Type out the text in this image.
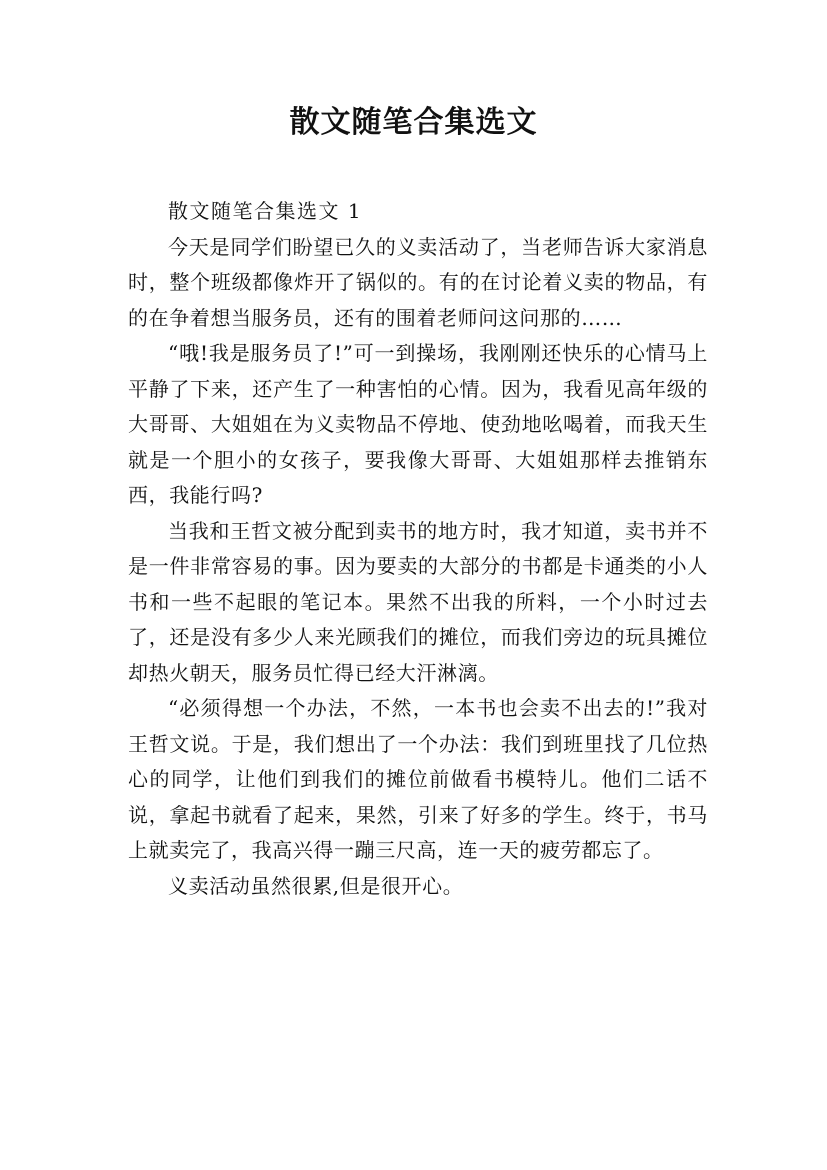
散文随笔合集选文

散文随笔合集选文 1

今天是同学们盼望已久的义卖活动了，当老师告诉大家消息时，整个班级都像炸开了锅似的。有的在讨论着义卖的物品，有的在争着想当服务员，还有的围着老师问这问那的……

“哦!我是服务员了!”可一到操场，我刚刚还快乐的心情马上平静了下来，还产生了一种害怕的心情。因为，我看见高年级的大哥哥、大姐姐在为义卖物品不停地、使劲地吆喝着，而我天生就是一个胆小的女孩子，要我像大哥哥、大姐姐那样去推销东西，我能行吗?

当我和王哲文被分配到卖书的地方时，我才知道，卖书并不是一件非常容易的事。因为要卖的大部分的书都是卡通类的小人书和一些不起眼的笔记本。果然不出我的所料，一个小时过去了，还是没有多少人来光顾我们的摊位，而我们旁边的玩具摊位却热火朝天，服务员忙得已经大汗淋漓。

“必须得想一个办法，不然，一本书也会卖不出去的!”我对王哲文说。于是，我们想出了一个办法：我们到班里找了几位热心的同学，让他们到我们的摊位前做看书模特儿。他们二话不说，拿起书就看了起来，果然，引来了好多的学生。终于，书马上就卖完了，我高兴得一蹦三尺高，连一天的疲劳都忘了。

义卖活动虽然很累,但是很开心。
